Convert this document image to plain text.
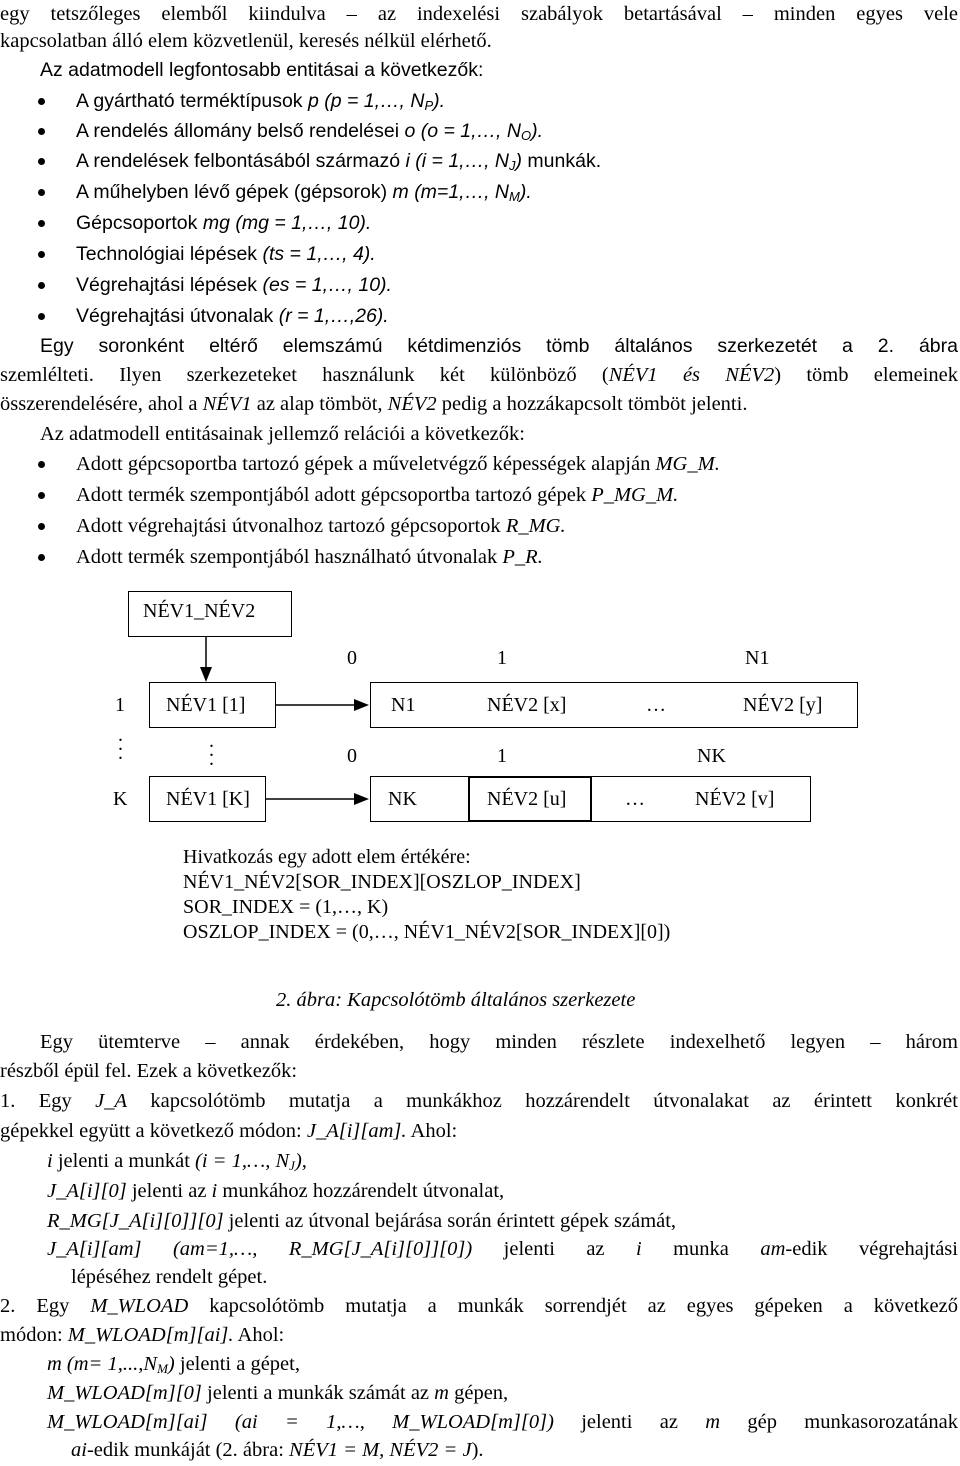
egy tetszőleges elemből kiindulva – az indexelési szabályok betartásával – minden egyes vele
kapcsolatban álló elem közvetlenül, keresés nélkül elérhető.
Az adatmodell legfontosabb entitásai a következők:
A gyártható terméktípusok p (p = 1,…, $N_P$).
A rendelés állomány belső rendelései o (o = 1,…, $N_O$).
A rendelések felbontásából származó i (i = 1,…, $N_J$) munkák.
A műhelyben lévő gépek (gépsorok) m (m=1,…, $N_M$).
Gépcsoportok mg (mg = 1,…, 10).
Technológiai lépések (ts = 1,…, 4).
Végrehajtási lépések (es = 1,…, 10).
Végrehajtási útvonalak (r = 1,…,26).
Egy soronként eltérő elemszámú kétdimenziós tömb általános szerkezetét a 2. ábra
szemlélteti. Ilyen szerkezeteket használunk két különböző (NÉV1 és NÉV2) tömb elemeinek
összerendelésére, ahol a NÉV1 az alap tömböt, NÉV2 pedig a hozzákapcsolt tömböt jelenti.
Az adatmodell entitásainak jellemző relációi a következők:
Adott gépcsoportba tartozó gépek a műveletvégző képességek alapján MG_M.
Adott termék szempontjából adott gépcsoportba tartozó gépek P_MG_M.
Adott végrehajtási útvonalhoz tartozó gépcsoportok R_MG.
Adott termék szempontjából használható útvonalak P_R.
NÉV1_NÉV2
0	1	N1
1 NÉV1 [1]	N1	NÉV2 [x]	…	NÉV2 [y]
.
.
.
.
.
.	0	1	NK
K NÉV1 [K]	NK	NÉV2 [u]	…	NÉV2 [v]
Hivatkozás egy adott elem értékére:
NÉV1_NÉV2[SOR_INDEX][OSZLOP_INDEX]
SOR_INDEX = (1,…, K)
OSZLOP_INDEX = (0,…, NÉV1_NÉV2[SOR_INDEX][0])
2. ábra: Kapcsolótömb általános szerkezete
Egy ütemterve – annak érdekében, hogy minden részlete indexelhető legyen – három
részből épül fel. Ezek a következők:
1. Egy J_A kapcsolótömb mutatja a munkákhoz hozzárendelt útvonalakat az érintett konkrét
gépekkel együtt a következő módon: J_A[i][am]. Ahol:
i jelenti a munkát (i = 1,…, $N_J$),
J_A[i][0] jelenti az i munkához hozzárendelt útvonalat,
R_MG[J_A[i][0]][0] jelenti az útvonal bejárása során érintett gépek számát,
J_A[i][am] (am=1,…, R_MG[J_A[i][0]][0]) jelenti az i munka am-edik végrehajtási
lépéséhez rendelt gépet.
2. Egy M_WLOAD kapcsolótömb mutatja a munkák sorrendjét az egyes gépeken a következő
módon: M_WLOAD[m][ai]. Ahol:
m $(m= 1,...,N_M)$ jelenti a gépet,
M_WLOAD[m][0] jelenti a munkák számát az m gépen,
M_WLOAD[m][ai] (ai = 1,…, M_WLOAD[m][0]) jelenti az m gép munkasorozatának
ai-edik munkáját (2. ábra: NÉV1 = M, NÉV2 = J).
